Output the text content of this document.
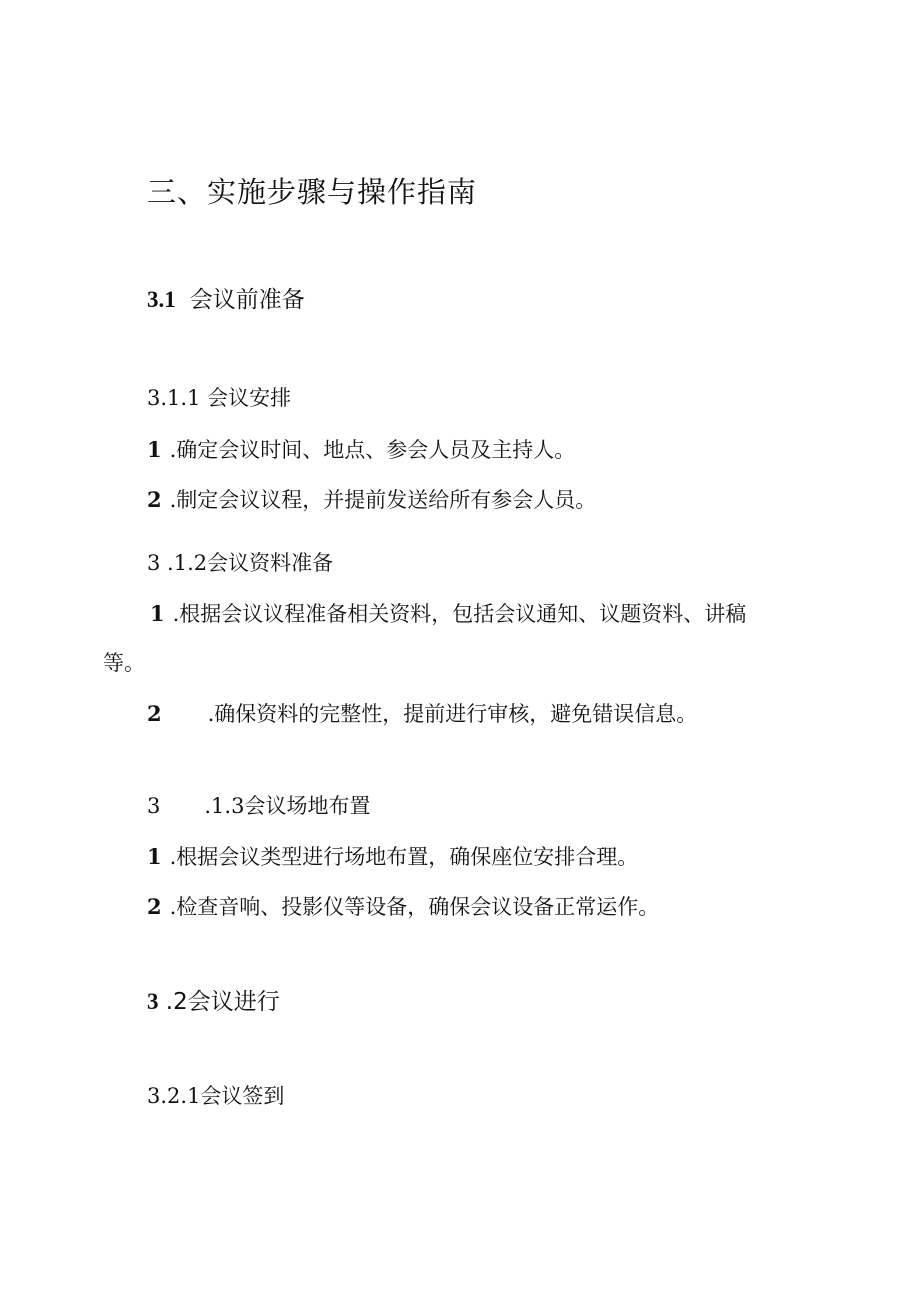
三、实施步骤与操作指南
3.1 会议前准备
3.1.1 会议安排
1 .确定会议时间、地点、参会人员及主持人。
2 .制定会议议程，并提前发送给所有参会人员。
3 .1.2会议资料准备
1 .根据会议议程准备相关资料，包括会议通知、议题资料、讲稿
等。
2 .确保资料的完整性，提前进行审核，避免错误信息。
3 .1.3会议场地布置
1 .根据会议类型进行场地布置，确保座位安排合理。
2 .检查音响、投影仪等设备，确保会议设备正常运作。
3 .2会议进行
3.2.1会议签到
